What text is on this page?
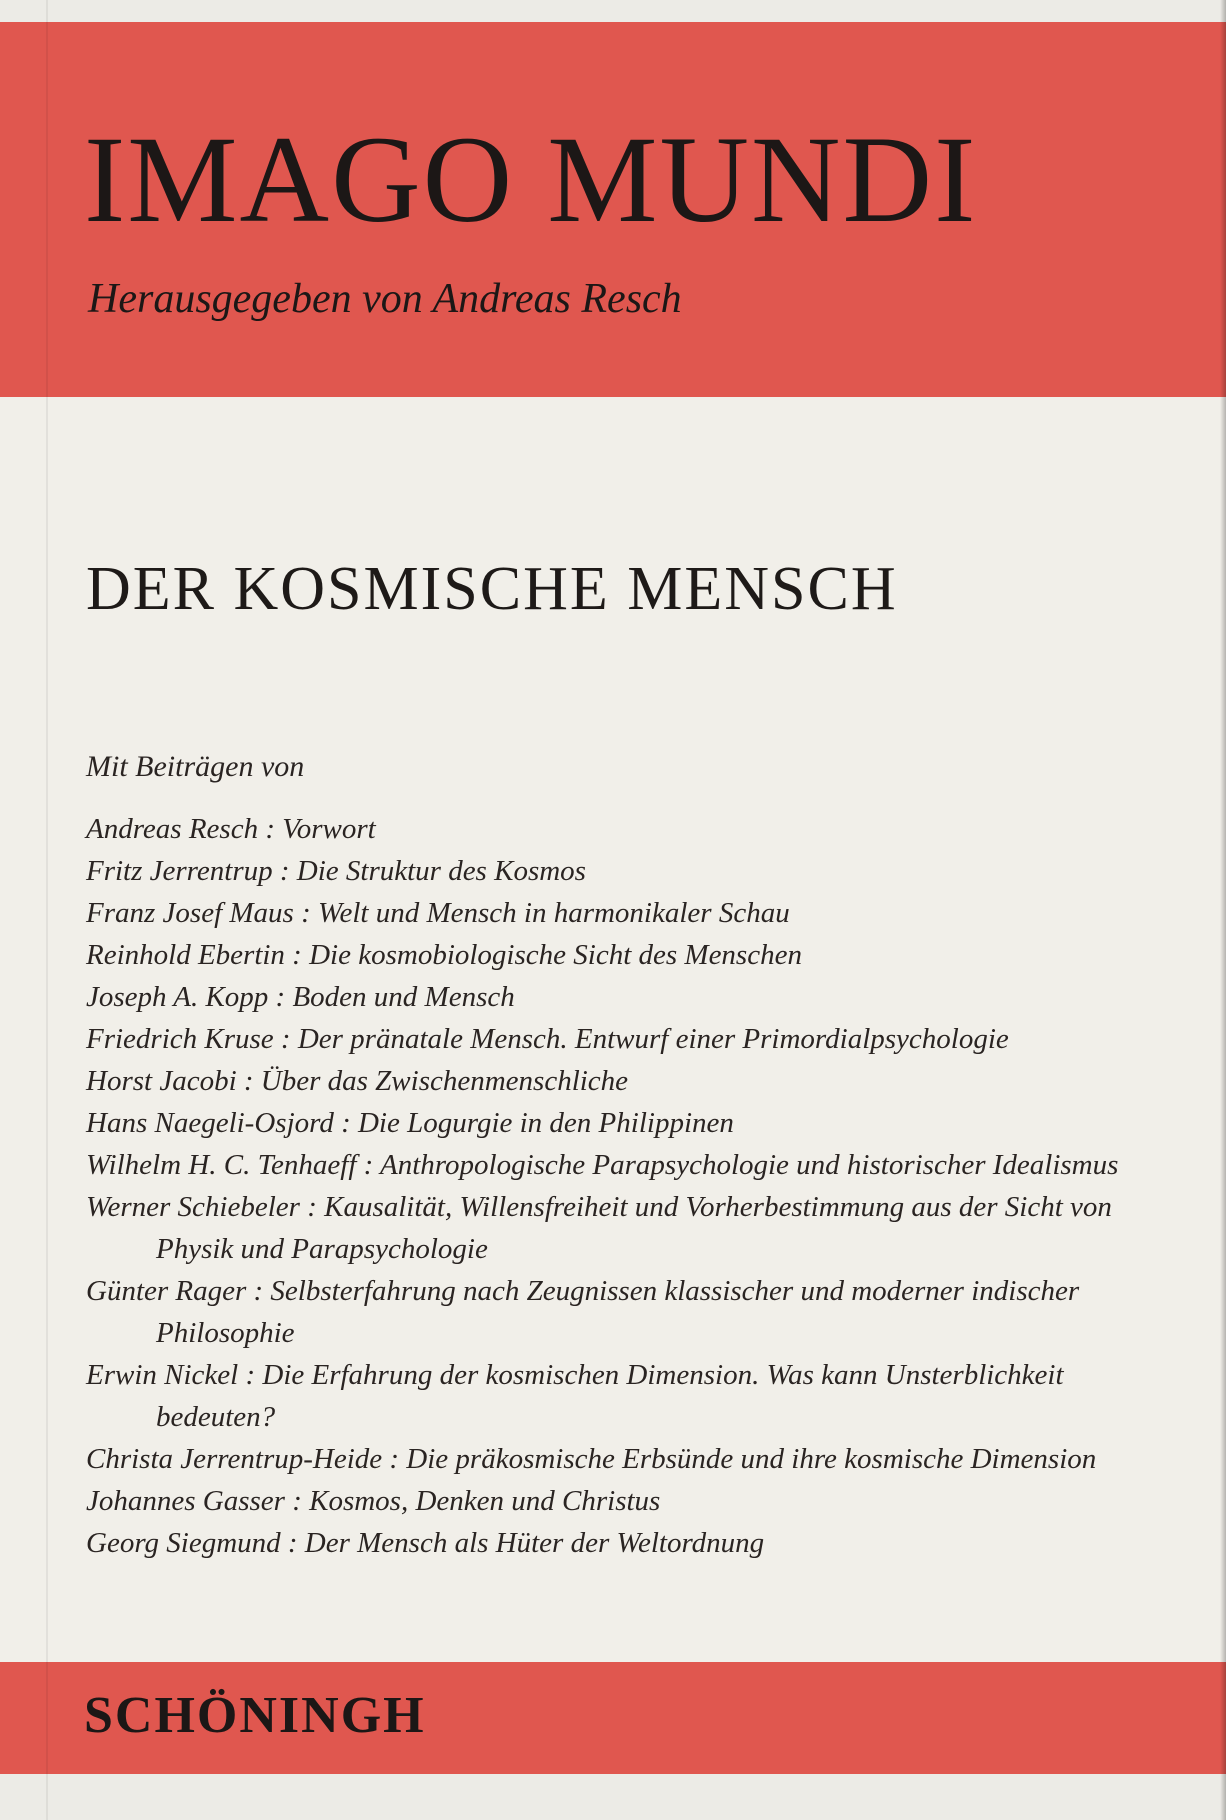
IMAGO MUNDI
Herausgegeben von Andreas Resch
DER KOSMISCHE MENSCH
Mit Beiträgen von
Andreas Resch : Vorwort
Fritz Jerrentrup : Die Struktur des Kosmos
Franz Josef Maus : Welt und Mensch in harmonikaler Schau
Reinhold Ebertin : Die kosmobiologische Sicht des Menschen
Joseph A. Kopp : Boden und Mensch
Friedrich Kruse : Der pränatale Mensch. Entwurf einer Primordialpsychologie
Horst Jacobi : Über das Zwischenmenschliche
Hans Naegeli-Osjord : Die Logurgie in den Philippinen
Wilhelm H. C. Tenhaeff : Anthropologische Parapsychologie und historischer Idealismus
Werner Schiebeler : Kausalität, Willensfreiheit und Vorherbestimmung aus der Sicht von Physik und Parapsychologie
Günter Rager : Selbsterfahrung nach Zeugnissen klassischer und moderner indischer Philosophie
Erwin Nickel : Die Erfahrung der kosmischen Dimension. Was kann Unsterblichkeit bedeuten?
Christa Jerrentrup-Heide : Die präkosmische Erbsünde und ihre kosmische Dimension
Johannes Gasser : Kosmos, Denken und Christus
Georg Siegmund : Der Mensch als Hüter der Weltordnung
SCHÖNINGH
